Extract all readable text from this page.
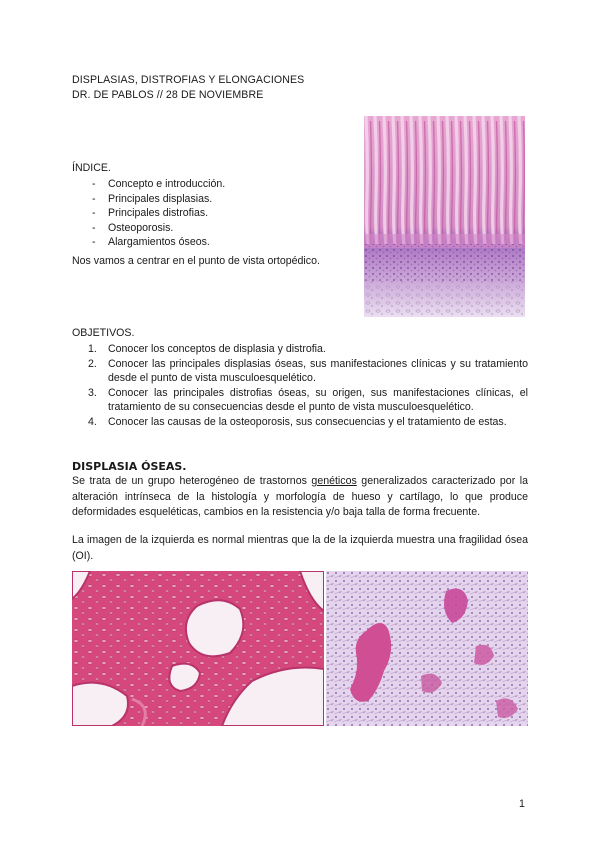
DISPLASIAS, DISTROFIAS Y ELONGACIONES
DR. DE PABLOS // 28 DE NOVIEMBRE
ÍNDICE.
- Concepto e introducción.
- Principales displasias.
- Principales distrofias.
- Osteoporosis.
- Alargamientos óseos.
Nos vamos a centrar en el punto de vista ortopédico.
OBJETIVOS.
1. Conocer los conceptos de displasia y distrofia.
2. Conocer las principales displasias óseas, sus manifestaciones clínicas y su tratamiento desde el punto de vista musculoesquelético.
3. Conocer las principales distrofias óseas, su origen, sus manifestaciones clínicas, el tratamiento de su consecuencias desde el punto de vista musculoesquelético.
4. Conocer las causas de la osteoporosis, sus consecuencias y el tratamiento de estas.
DISPLASIA ÓSEAS.
Se trata de un grupo heterogéneo de trastornos genéticos generalizados caracterizado por la alteración intrínseca de la histología y morfología de hueso y cartílago, lo que produce deformidades esqueléticas, cambios en la resistencia y/o baja talla de forma frecuente.
La imagen de la izquierda es normal mientras que la de la izquierda muestra una fragilidad ósea (OI).
1
